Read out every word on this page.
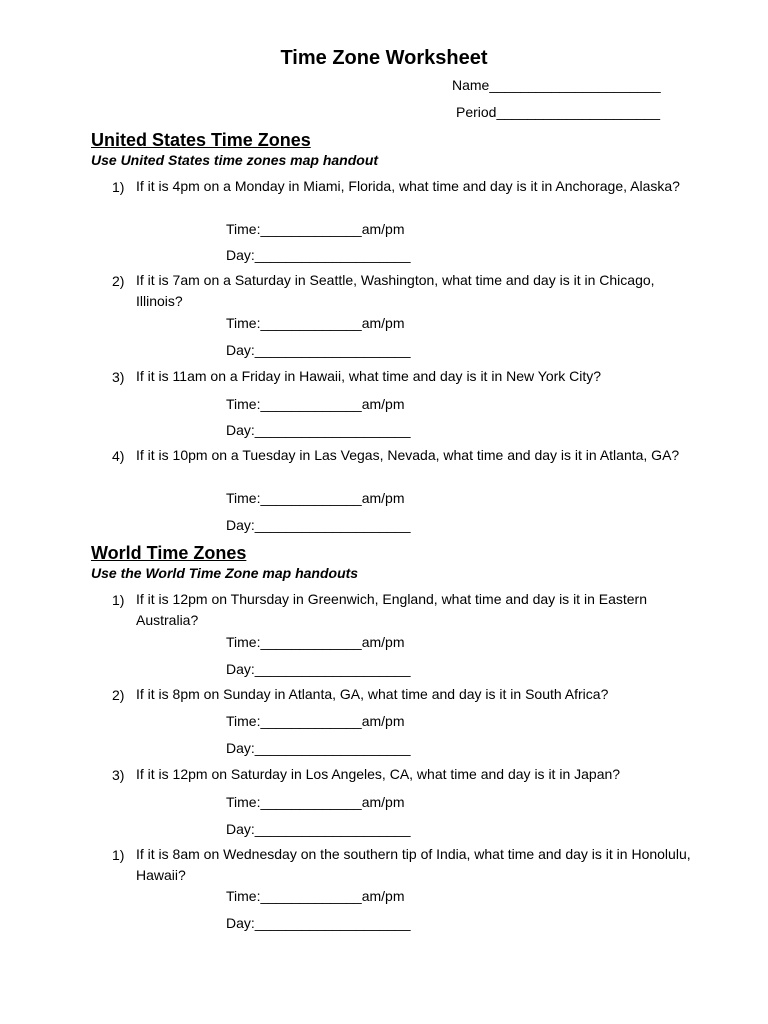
Time Zone Worksheet
Name______________________
Period_____________________
United States Time Zones
Use United States time zones map handout
1) If it is 4pm on a Monday in Miami, Florida, what time and day is it in Anchorage, Alaska?
Time:_____________am/pm
Day:____________________
2) If it is 7am on a Saturday in Seattle, Washington, what time and day is it in Chicago, Illinois?
Time:_____________am/pm
Day:____________________
3) If it is 11am on a Friday in Hawaii, what time and day is it in New York City?
Time:_____________am/pm
Day:____________________
4) If it is 10pm on a Tuesday in Las Vegas, Nevada, what time and day is it in Atlanta, GA?
Time:_____________am/pm
Day:____________________
World Time Zones
Use the World Time Zone map handouts
1) If it is 12pm on Thursday in Greenwich, England, what time and day is it in Eastern Australia?
Time:_____________am/pm
Day:____________________
2) If it is 8pm on Sunday in Atlanta, GA, what time and day is it in South Africa?
Time:_____________am/pm
Day:____________________
3) If it is 12pm on Saturday in Los Angeles, CA, what time and day is it in Japan?
Time:_____________am/pm
Day:____________________
1) If it is 8am on Wednesday on the southern tip of India, what time and day is it in Honolulu, Hawaii?
Time:_____________am/pm
Day:____________________
